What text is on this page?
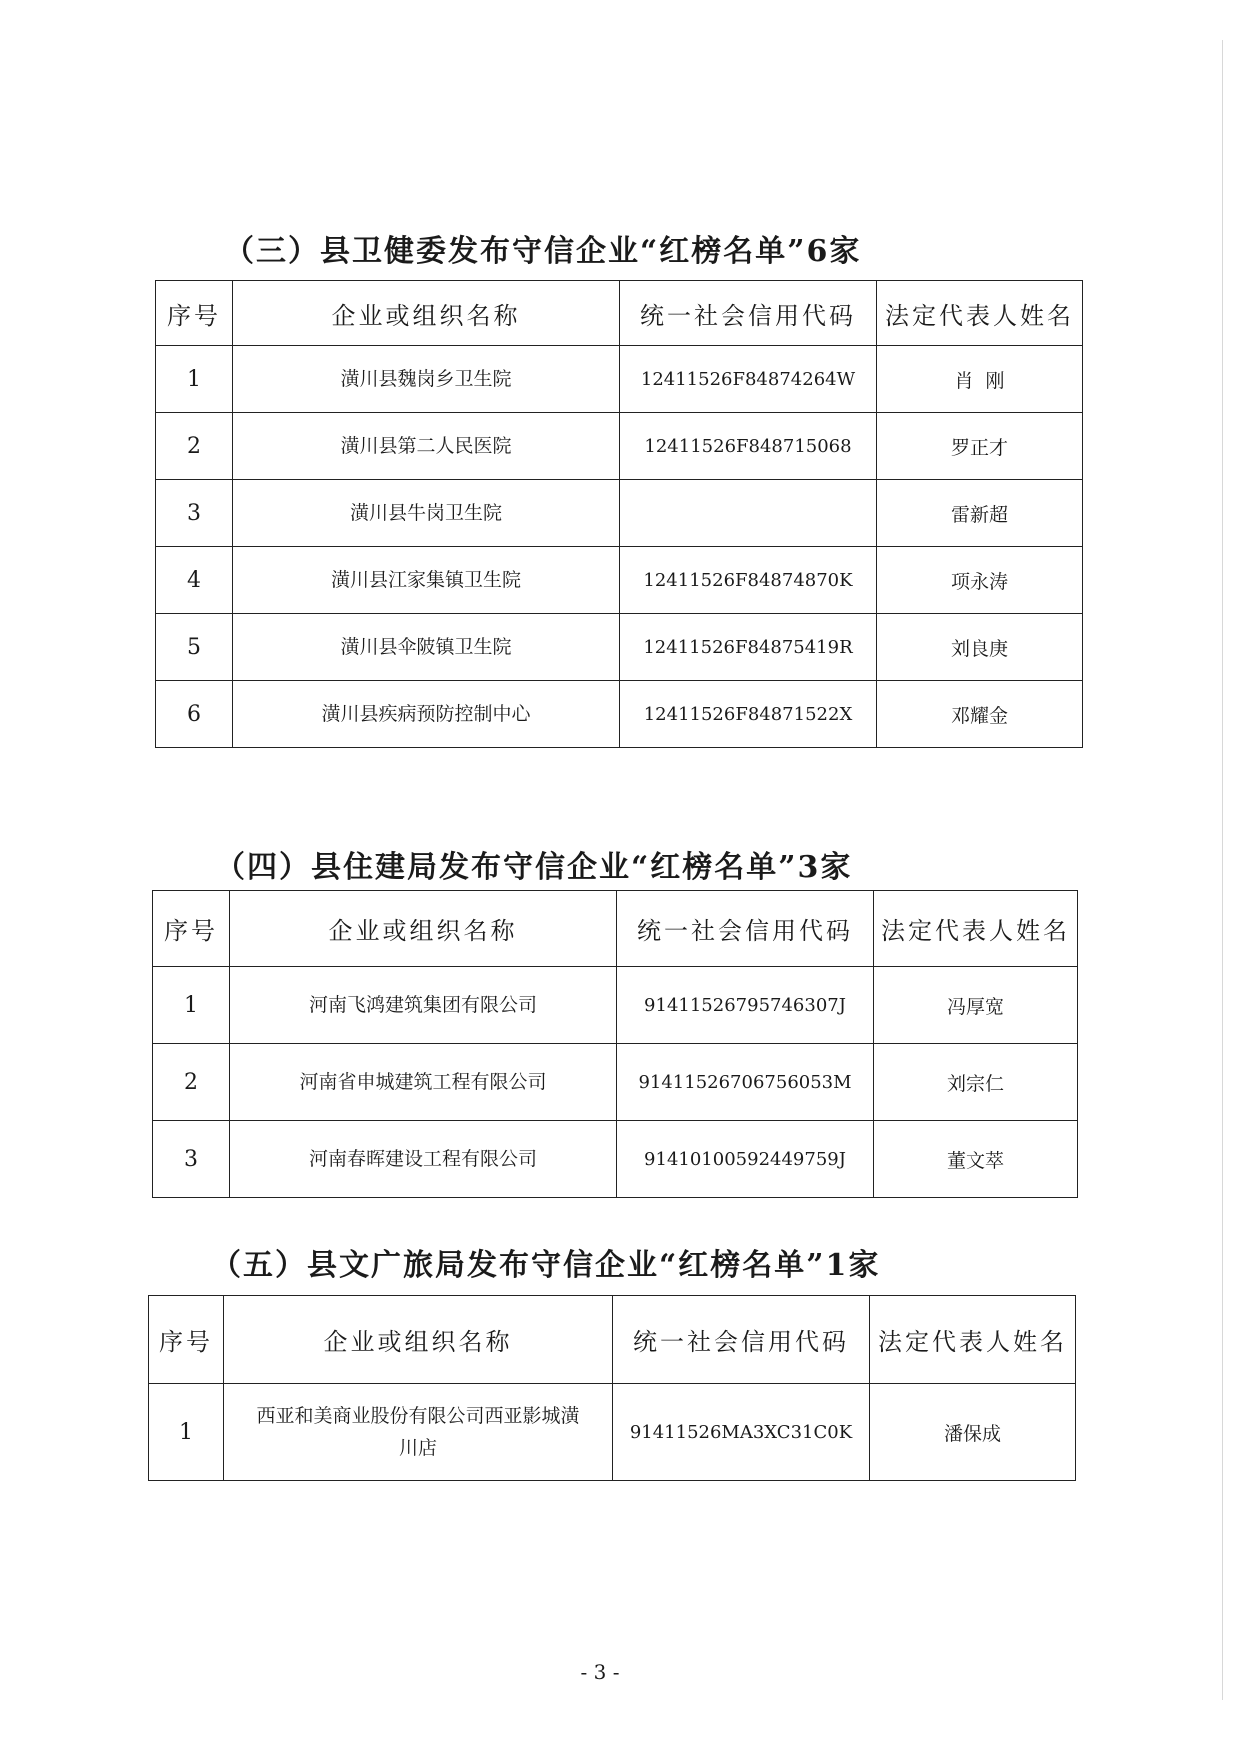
（三）县卫健委发布守信企业“红榜名单”6家
序号	企业或组织名称	统一社会信用代码	法定代表人姓名
1	潢川县魏岗乡卫生院	12411526F84874264W	肖  刚
2	潢川县第二人民医院	12411526F848715068	罗正才
3	潢川县牛岗卫生院		雷新超
4	潢川县江家集镇卫生院	12411526F84874870K	项永涛
5	潢川县伞陂镇卫生院	12411526F84875419R	刘良庚
6	潢川县疾病预防控制中心	12411526F84871522X	邓耀金
（四）县住建局发布守信企业“红榜名单”3家
序号	企业或组织名称	统一社会信用代码	法定代表人姓名
1	河南飞鸿建筑集团有限公司	91411526795746307J	冯厚宽
2	河南省申城建筑工程有限公司	91411526706756053M	刘宗仁
3	河南春晖建设工程有限公司	91410100592449759J	董文萃
（五）县文广旅局发布守信企业“红榜名单”1家
序号	企业或组织名称	统一社会信用代码	法定代表人姓名
1	西亚和美商业股份有限公司西亚影城潢川店	91411526MA3XC31C0K	潘保成

- 3 -
